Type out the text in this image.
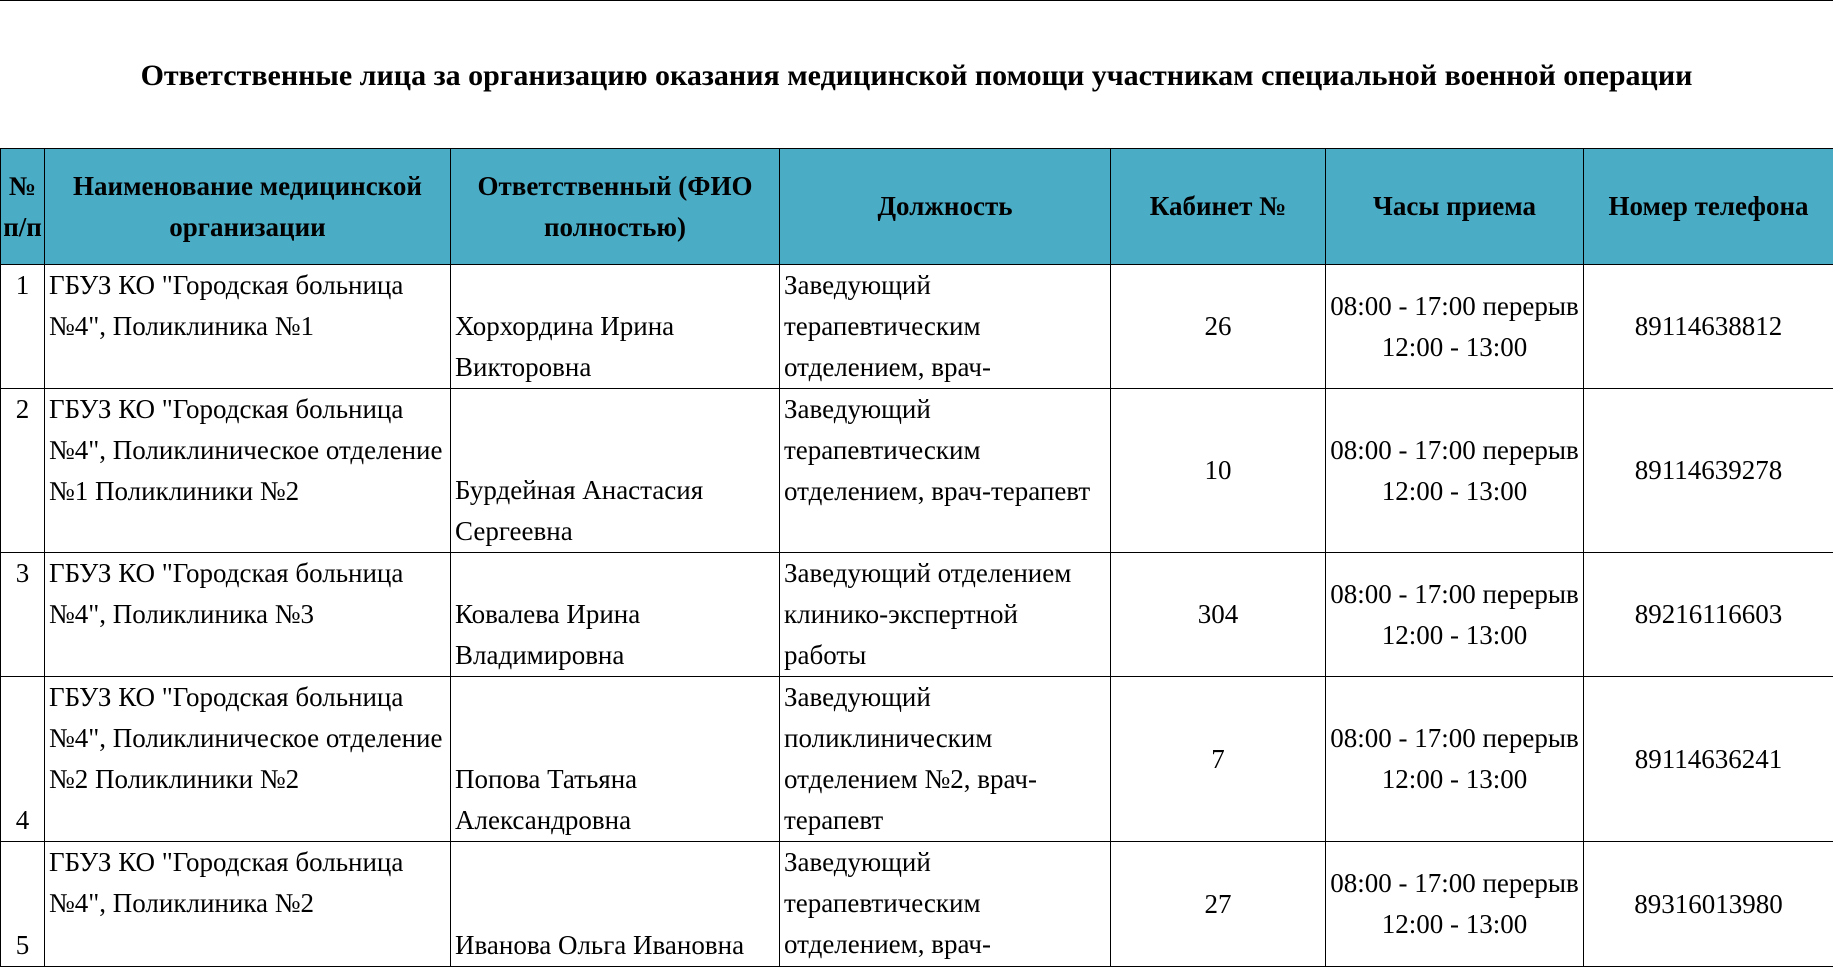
Ответственные лица за организацию оказания медицинской помощи участникам специальной военной операции
№ п/п	Наименование медицинской организации	Ответственный (ФИО полностью)	Должность	Кабинет №	Часы приема	Номер телефона
1	ГБУЗ КО "Городская больница №4", Поликлиника №1	Хорхордина Ирина Викторовна	Заведующий терапевтическим отделением, врач-	26	08:00 - 17:00 перерыв 12:00 - 13:00	89114638812
2	ГБУЗ КО "Городская больница №4", Поликлиническое отделение №1 Поликлиники №2	Бурдейная Анастасия Сергеевна	Заведующий терапевтическим отделением, врач-терапевт	10	08:00 - 17:00 перерыв 12:00 - 13:00	89114639278
3	ГБУЗ КО "Городская больница №4", Поликлиника №3	Ковалева Ирина Владимировна	Заведующий отделением клинико-экспертной работы	304	08:00 - 17:00 перерыв 12:00 - 13:00	89216116603
4	ГБУЗ КО "Городская больница №4", Поликлиническое отделение №2 Поликлиники №2	Попова Татьяна Александровна	Заведующий поликлиническим отделением №2, врач-терапевт	7	08:00 - 17:00 перерыв 12:00 - 13:00	89114636241
5	ГБУЗ КО "Городская больница №4", Поликлиника №2	Иванова Ольга Ивановна	Заведующий терапевтическим отделением, врач-	27	08:00 - 17:00 перерыв 12:00 - 13:00	89316013980
